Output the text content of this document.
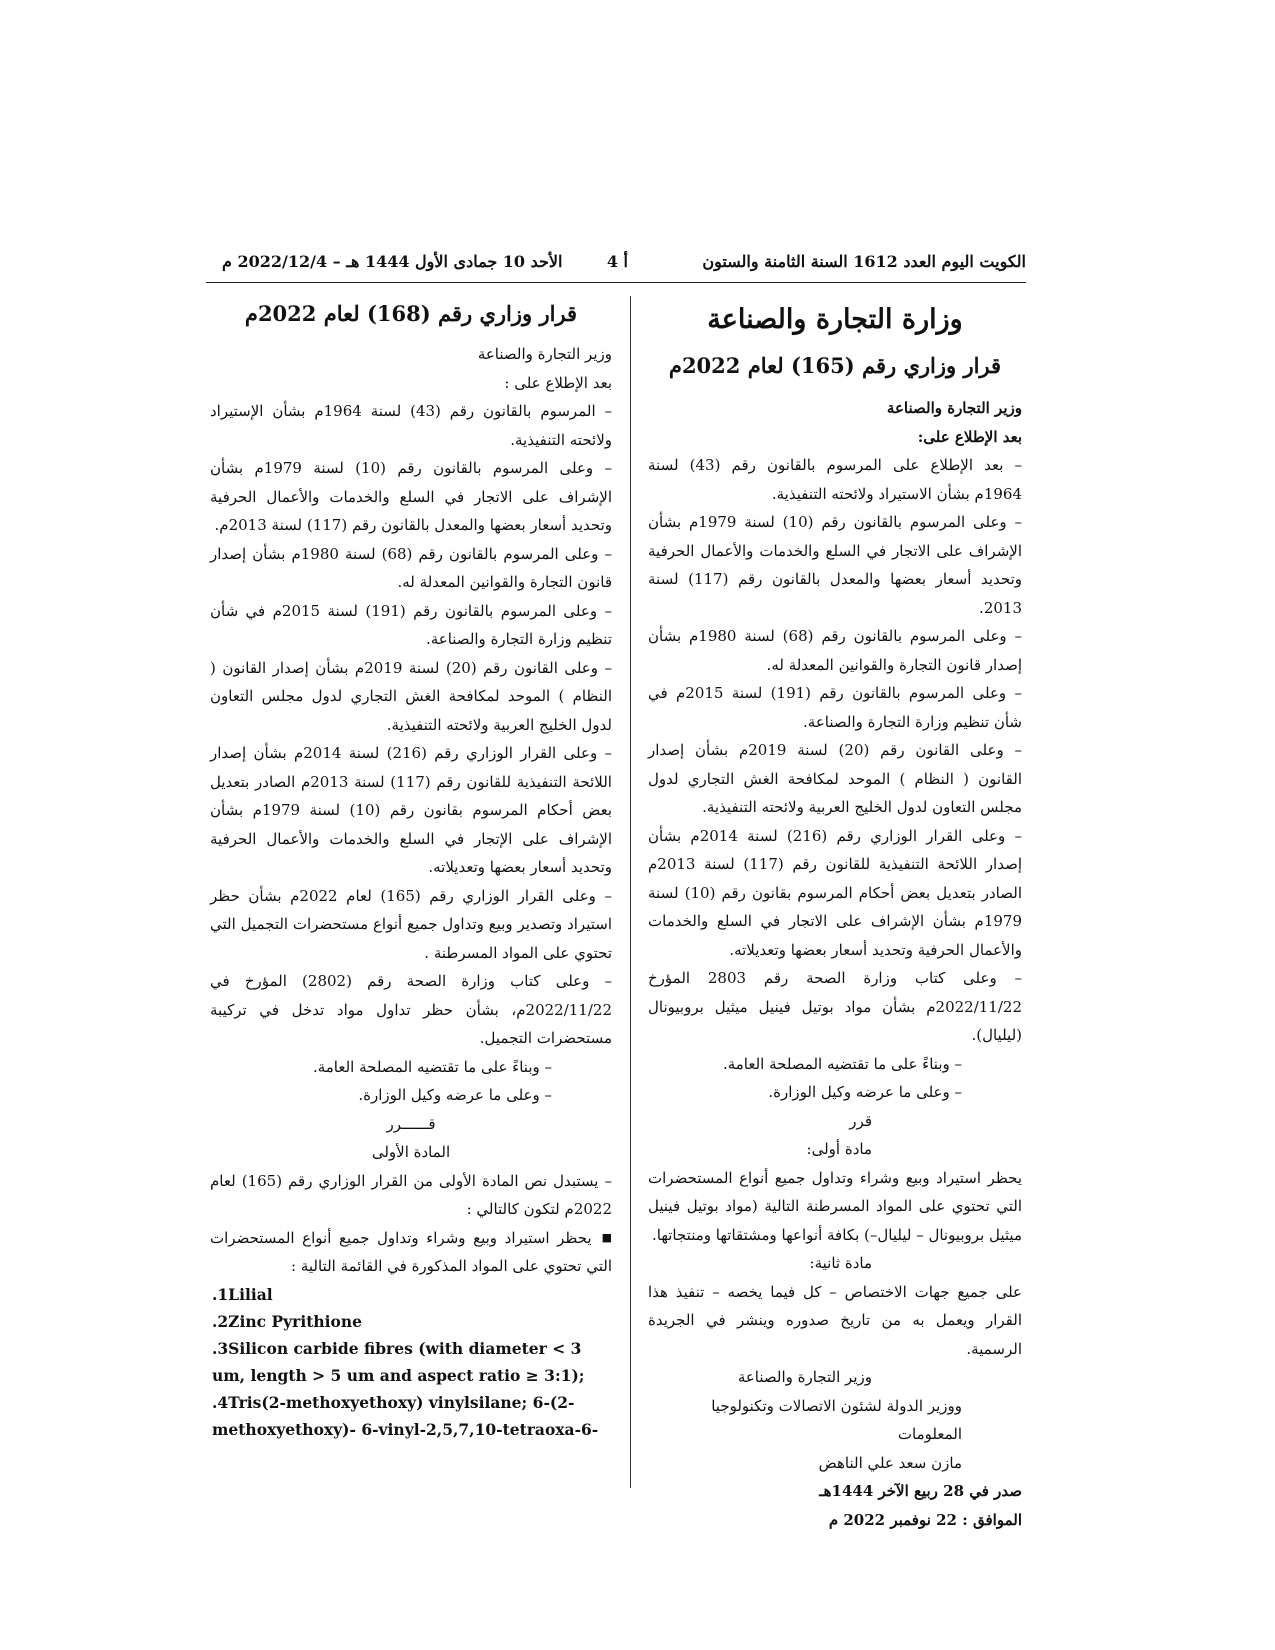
الكويت اليوم العدد 1612 السنة الثامنة والستون
أ 4
الأحد 10 جمادى الأول 1444 هـ – 2022/12/4 م
وزارة التجارة والصناعة
قرار وزاري رقم (165) لعام 2022م

وزير التجارة والصناعة

بعد الإطلاع على:

– بعد الإطلاع على المرسوم بالقانون رقم (43) لسنة 1964م بشأن الاستيراد ولائحته التنفيذية.

– وعلى المرسوم بالقانون رقم (10) لسنة 1979م بشأن الإشراف على الاتجار في السلع والخدمات والأعمال الحرفية وتحديد أسعار بعضها والمعدل بالقانون رقم (117) لسنة 2013.

– وعلى المرسوم بالقانون رقم (68) لسنة 1980م بشأن إصدار قانون التجارة والقوانين المعدلة له.

– وعلى المرسوم بالقانون رقم (191) لسنة 2015م في شأن تنظيم وزارة التجارة والصناعة.

– وعلى القانون رقم (20) لسنة 2019م بشأن إصدار القانون ( النظام ) الموحد لمكافحة الغش التجاري لدول مجلس التعاون لدول الخليج العربية ولائحته التنفيذية.

– وعلى القرار الوزاري رقم (216) لسنة 2014م بشأن إصدار اللائحة التنفيذية للقانون رقم (117) لسنة 2013م الصادر بتعديل بعض أحكام المرسوم بقانون رقم (10) لسنة 1979م بشأن الإشراف على الاتجار في السلع والخدمات والأعمال الحرفية وتحديد أسعار بعضها وتعديلاته.

– وعلى كتاب وزارة الصحة رقم 2803 المؤرخ 2022/11/22م بشأن مواد بوتيل فينيل ميثيل بروبيونال (ليليال).

– وبناءً على ما تقتضيه المصلحة العامة.

– وعلى ما عرضه وكيل الوزارة.

قرر

مادة أولى:

يحظر استيراد وبيع وشراء وتداول جميع أنواع المستحضرات التي تحتوي على المواد المسرطنة التالية (مواد بوتيل فينيل ميثيل بروبيونال – ليليال–) بكافة أنواعها ومشتقاتها ومنتجاتها.

مادة ثانية:

على جميع جهات الاختصاص – كل فيما يخصه – تنفيذ هذا القرار ويعمل به من تاريخ صدوره وينشر في الجريدة الرسمية.

وزير التجارة والصناعة

ووزير الدولة لشئون الاتصالات وتكنولوجيا المعلومات

مازن سعد علي الناهض

صدر في 28 ربيع الآخر 1444هـ

الموافق : 22 نوفمبر 2022 م

قرار وزاري رقم (168) لعام 2022م

وزير التجارة والصناعة

بعد الإطلاع على :

– المرسوم بالقانون رقم (43) لسنة 1964م بشأن الإستيراد ولائحته التنفيذية.

– وعلى المرسوم بالقانون رقم (10) لسنة 1979م بشأن الإشراف على الاتجار في السلع والخدمات والأعمال الحرفية وتحديد أسعار بعضها والمعدل بالقانون رقم (117) لسنة 2013م.

– وعلى المرسوم بالقانون رقم (68) لسنة 1980م بشأن إصدار قانون التجارة والقوانين المعدلة له.

– وعلى المرسوم بالقانون رقم (191) لسنة 2015م في شأن تنظيم وزارة التجارة والصناعة.

– وعلى القانون رقم (20) لسنة 2019م بشأن إصدار القانون ( النظام ) الموحد لمكافحة الغش التجاري لدول مجلس التعاون لدول الخليج العربية ولائحته التنفيذية.

– وعلى القرار الوزاري رقم (216) لسنة 2014م بشأن إصدار اللائحة التنفيذية للقانون رقم (117) لسنة 2013م الصادر بتعديل بعض أحكام المرسوم بقانون رقم (10) لسنة 1979م بشأن الإشراف على الإتجار في السلع والخدمات والأعمال الحرفية وتحديد أسعار بعضها وتعديلاته.

– وعلى القرار الوزاري رقم (165) لعام 2022م بشأن حظر استيراد وتصدير وبيع وتداول جميع أنواع مستحضرات التجميل التي تحتوي على المواد المسرطنة .

– وعلى كتاب وزارة الصحة رقم (2802) المؤرخ في 2022/11/22م، بشأن حظر تداول مواد تدخل في تركيبة مستحضرات التجميل.

– وبناءً على ما تقتضيه المصلحة العامة.

– وعلى ما عرضه وكيل الوزارة.

قــــــرر

المادة الأولى

– يستبدل نص المادة الأولى من القرار الوزاري رقم (165) لعام 2022م لتكون كالتالي :

■يحظر استيراد وبيع وشراء وتداول جميع أنواع المستحضرات التي تحتوي على المواد المذكورة في القائمة التالية :

.1Lilial

.2Zinc Pyrithione

.3Silicon carbide fibres (with diameter < 3 um, length > 5 um and aspect ratio ≥ 3:1);

.4Tris(2-methoxyethoxy) vinylsilane; 6-(2-methoxyethoxy)- 6-vinyl-2,5,7,10-tetraoxa-6-
